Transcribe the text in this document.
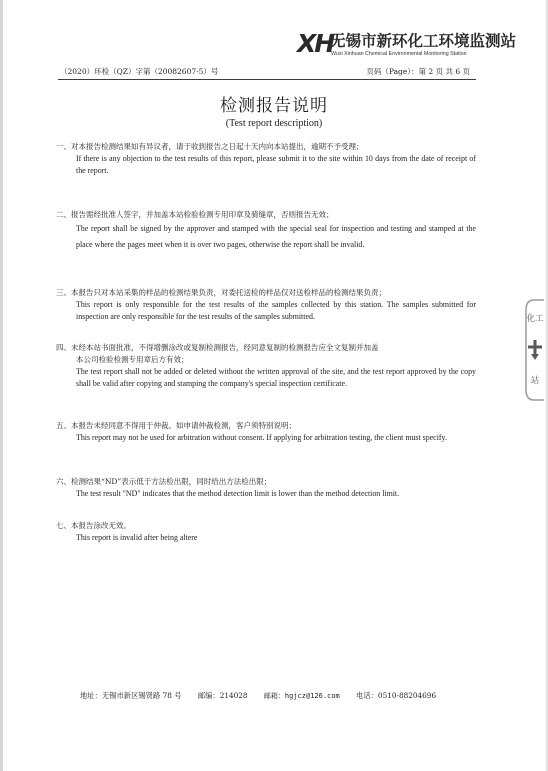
XH
无锡市新环化工环境监测站
Wuxi Xinhuan Chemical Environmental Monitoring Station
（2020）环检（QZ）字第（20082607-5）号	页码（Page）：第 2 页 共 6 页
检测报告说明
(Test report description)
一、对本报告检测结果如有异议者，请于收到报告之日起十天内向本站提出，逾期不予受理；
If there is any objection to the test results of this report, please submit it to the site within 10 days from the date of receipt of the report.
二、报告需经批准人签字，并加盖本站检验检测专用印章及骑缝章，否则报告无效；
The report shall be signed by the approver and stamped with the special seal for inspection and testing and stamped at the place where the pages meet when it is over two pages, otherwise the report shall be invalid.
三、本报告只对本站采集的样品的检测结果负责，对委托送检的样品仅对送检样品的检测结果负责；
This report is only responsible for the test results of the samples collected by this station. The samples submitted for inspection are only responsible for the test results of the samples submitted.
四、未经本站书面批准，不得增删涂改或复制检测报告，经同意复制的检测报告应全文复制并加盖
本公司检验检测专用章后方有效；
The test report shall not be added or deleted without the written approval of the site, and the test report approved by the copy shall be valid after copying and stamping the company's special inspection certificate.
五、本报告未经同意不得用于仲裁。如申请仲裁检测，客户须特别说明；
This report may not be used for arbitration without consent. If applying for arbitration testing, the client must specify.
六、检测结果“ND”表示低于方法检出限，同时给出方法检出限；
The test result "ND" indicates that the method detection limit is lower than the method detection limit.
七、本报告涂改无效。
This report is invalid after being altere
化工
站
地址：无锡市新区锡贤路 78 号 邮编：214028 邮箱：hgjcz@126.com 电话：0510-88204696
